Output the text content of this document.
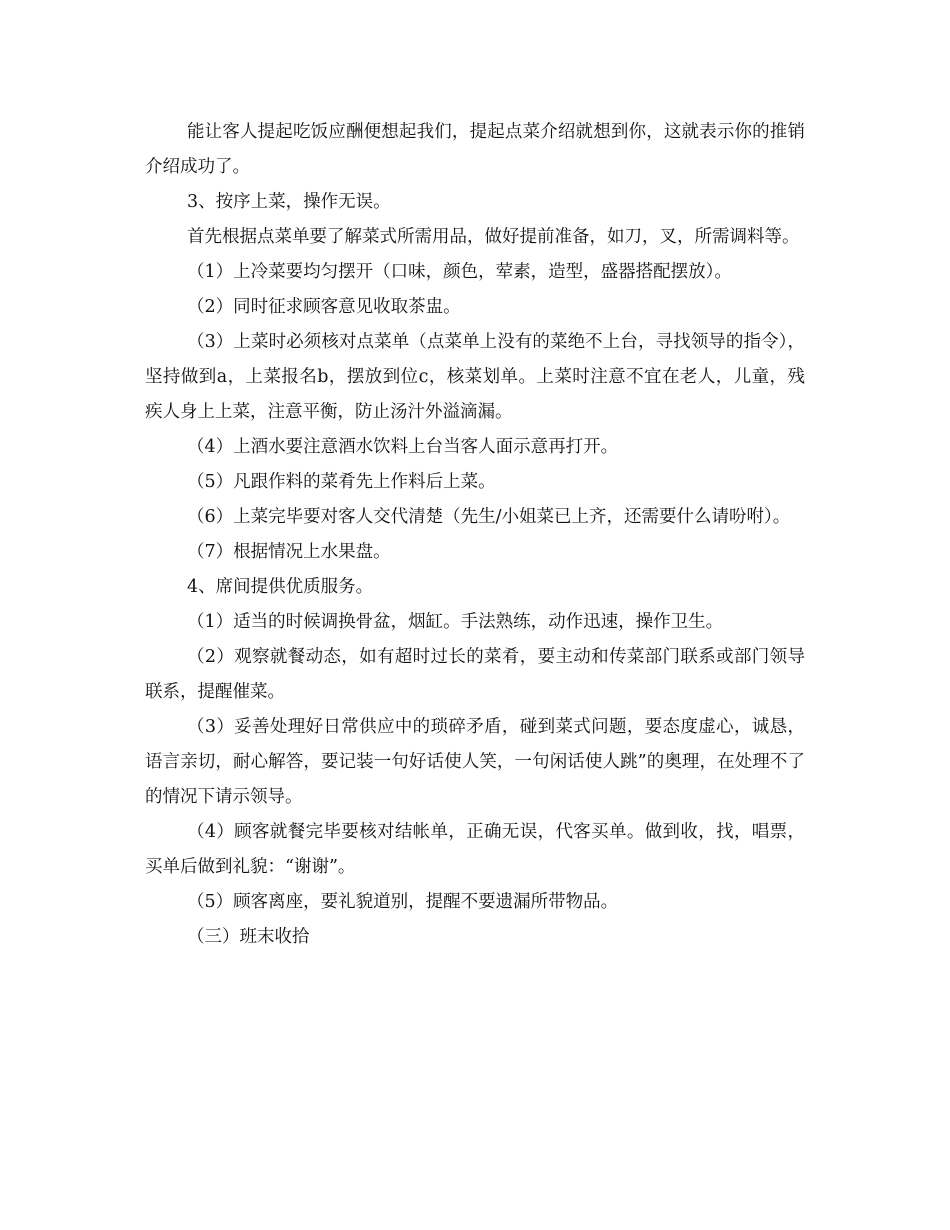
能让客人提起吃饭应酬便想起我们，提起点菜介绍就想到你，这就表示你的推销介绍成功了。

3、按序上菜，操作无误。

首先根据点菜单要了解菜式所需用品，做好提前准备，如刀，叉，所需调料等。

（1）上冷菜要均匀摆开（口味，颜色，荤素，造型，盛器搭配摆放）。

（2）同时征求顾客意见收取茶盅。

（3）上菜时必须核对点菜单（点菜单上没有的菜绝不上台，寻找领导的指令），坚持做到a，上菜报名b，摆放到位c，核菜划单。上菜时注意不宜在老人，儿童，残疾人身上上菜，注意平衡，防止汤汁外溢滴漏。

（4）上酒水要注意酒水饮料上台当客人面示意再打开。

（5）凡跟作料的菜肴先上作料后上菜。

（6）上菜完毕要对客人交代清楚（先生/小姐菜已上齐，还需要什么请吩咐）。

（7）根据情况上水果盘。

4、席间提供优质服务。

（1）适当的时候调换骨盆，烟缸。手法熟练，动作迅速，操作卫生。

（2）观察就餐动态，如有超时过长的菜肴，要主动和传菜部门联系或部门领导联系，提醒催菜。

（3）妥善处理好日常供应中的琐碎矛盾，碰到菜式问题，要态度虚心，诚恳，语言亲切，耐心解答，要记装一句好话使人笑，一句闲话使人跳”的奥理，在处理不了的情况下请示领导。

（4）顾客就餐完毕要核对结帐单，正确无误，代客买单。做到收，找，唱票，买单后做到礼貌：“谢谢”。

（5）顾客离座，要礼貌道别，提醒不要遗漏所带物品。

（三）班末收拾
